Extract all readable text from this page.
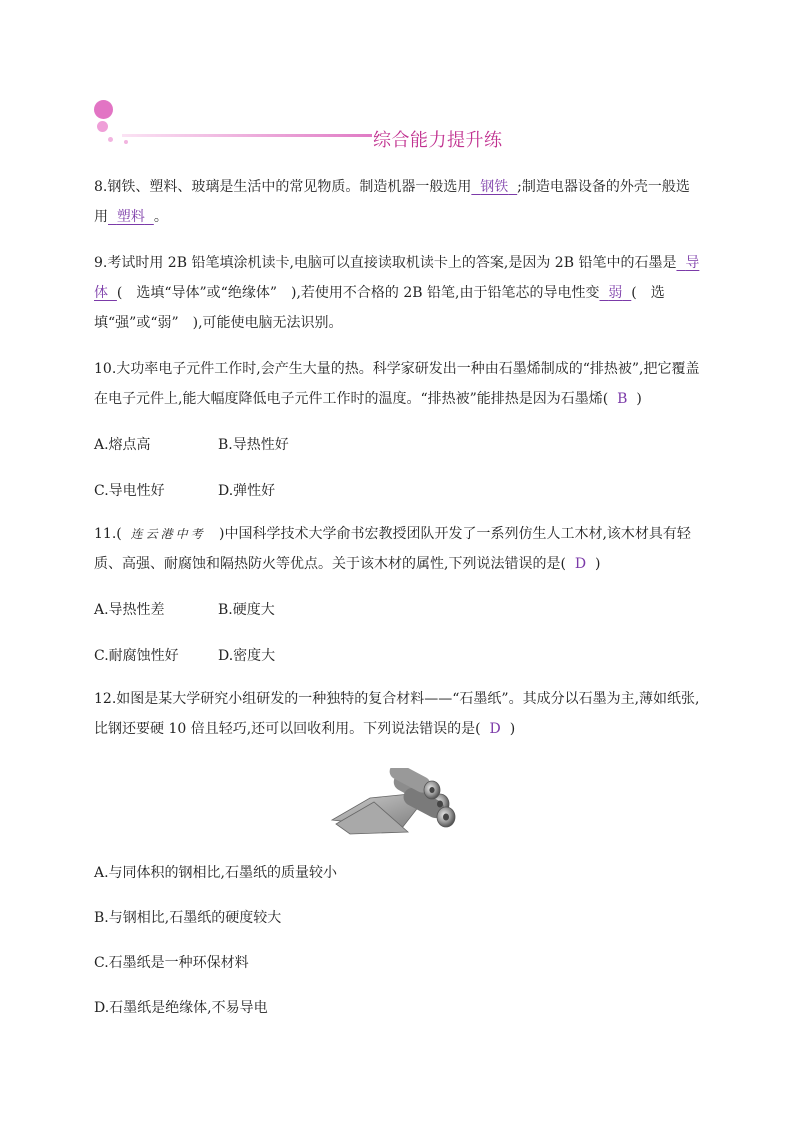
综合能力提升练
8.钢铁、塑料、玻璃是生活中的常见物质。制造机器一般选用 钢铁 ;制造电器设备的外壳一般选用 塑料 。
9.考试时用 2B 铅笔填涂机读卡,电脑可以直接读取机读卡上的答案,是因为 2B 铅笔中的石墨是 导体 (　选填“导体”或“绝缘体”　),若使用不合格的 2B 铅笔,由于铅笔芯的导电性变 弱 (　选填“强”或“弱”　),可能使电脑无法识别。
10.大功率电子元件工作时,会产生大量的热。科学家研发出一种由石墨烯制成的“排热被”,把它覆盖在电子元件上,能大幅度降低电子元件工作时的温度。“排热被”能排热是因为石墨烯( B )
A.熔点高	B.导热性好
C.导电性好	D.弹性好
11.( 连云港中考 )中国科学技术大学俞书宏教授团队开发了一系列仿生人工木材,该木材具有轻质、高强、耐腐蚀和隔热防火等优点。关于该木材的属性,下列说法错误的是( D )
A.导热性差	B.硬度大
C.耐腐蚀性好	D.密度大
12.如图是某大学研究小组研发的一种独特的复合材料——“石墨纸”。其成分以石墨为主,薄如纸张,比钢还要硬 10 倍且轻巧,还可以回收利用。下列说法错误的是( D )
A.与同体积的钢相比,石墨纸的质量较小
B.与钢相比,石墨纸的硬度较大
C.石墨纸是一种环保材料
D.石墨纸是绝缘体,不易导电
